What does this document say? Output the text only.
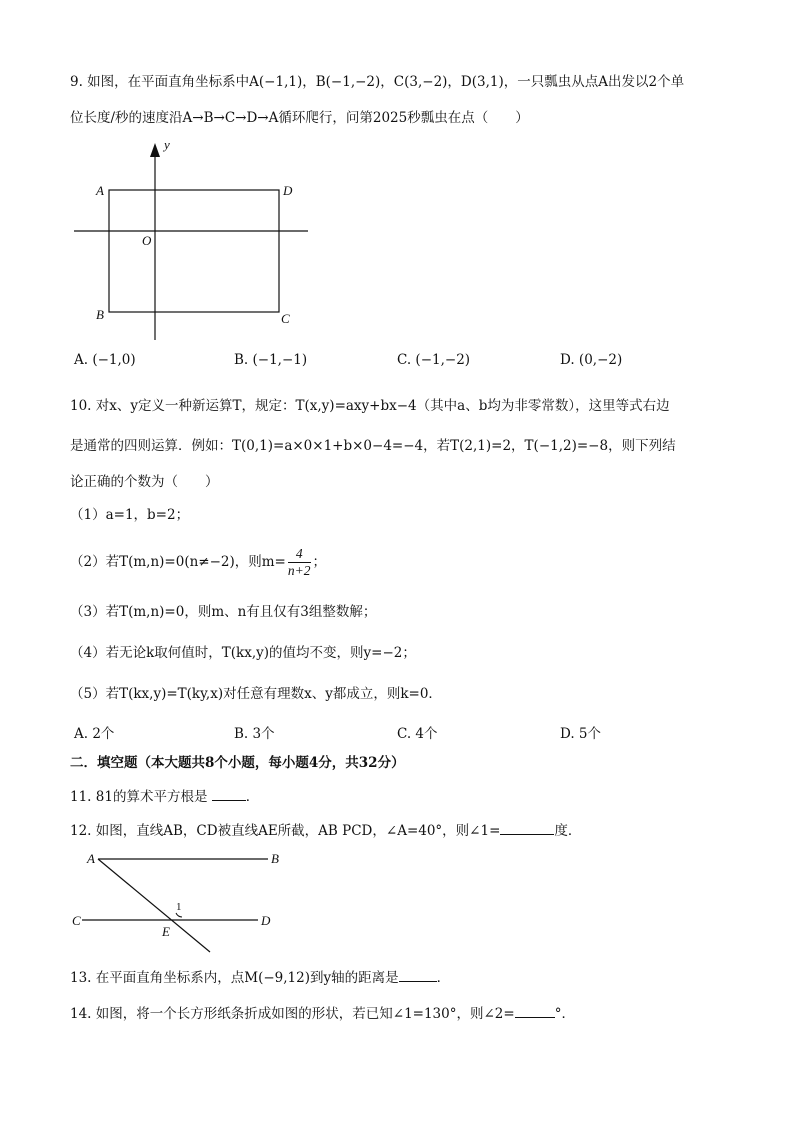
9. 如图，在平面直角坐标系中A(−1,1)，B(−1,−2)，C(3,−2)，D(3,1)，一只瓢虫从点A出发以2个单
位长度/秒的速度沿A→B→C→D→A循环爬行，问第2025秒瓢虫在点（　　）
y
A	D
O
B	C
A. (−1,0)	B. (−1,−1)	C. (−1,−2)	D. (0,−2)
10. 对x、y定义一种新运算T，规定：T(x,y)=axy+bx−4（其中a、b均为非零常数），这里等式右边
是通常的四则运算．例如：T(0,1)=a×0×1+b×0−4=−4，若T(2,1)=2，T(−1,2)=−8，则下列结
论正确的个数为（　　）
（1）a=1，b=2；
（2）若T(m,n)=0(n≠−2)，则$m= \frac{4}{n+2}$ ；
（3）若T(m,n)=0，则m、n有且仅有3组整数解；
（4）若无论k取何值时，T(kx,y)的值均不变，则y=−2；
（5）若T(kx,y)=T(ky,x)对任意有理数x、y都成立，则k=0．
A. 2个	B. 3个	C. 4个	D. 5个
二．填空题（本大题共8个小题，每小题4分，共32分）
11. 81的算术平方根是	．
12. 如图，直线AB，CD被直线AE所截，AB PCD，∠A=40°，则∠1=	度．
A	B
C	D
E
1
13. 在平面直角坐标系内，点M(−9,12)到y轴的距离是	．
14. 如图，将一个长方形纸条折成如图的形状，若已知∠1=130°，则∠2=	°．
